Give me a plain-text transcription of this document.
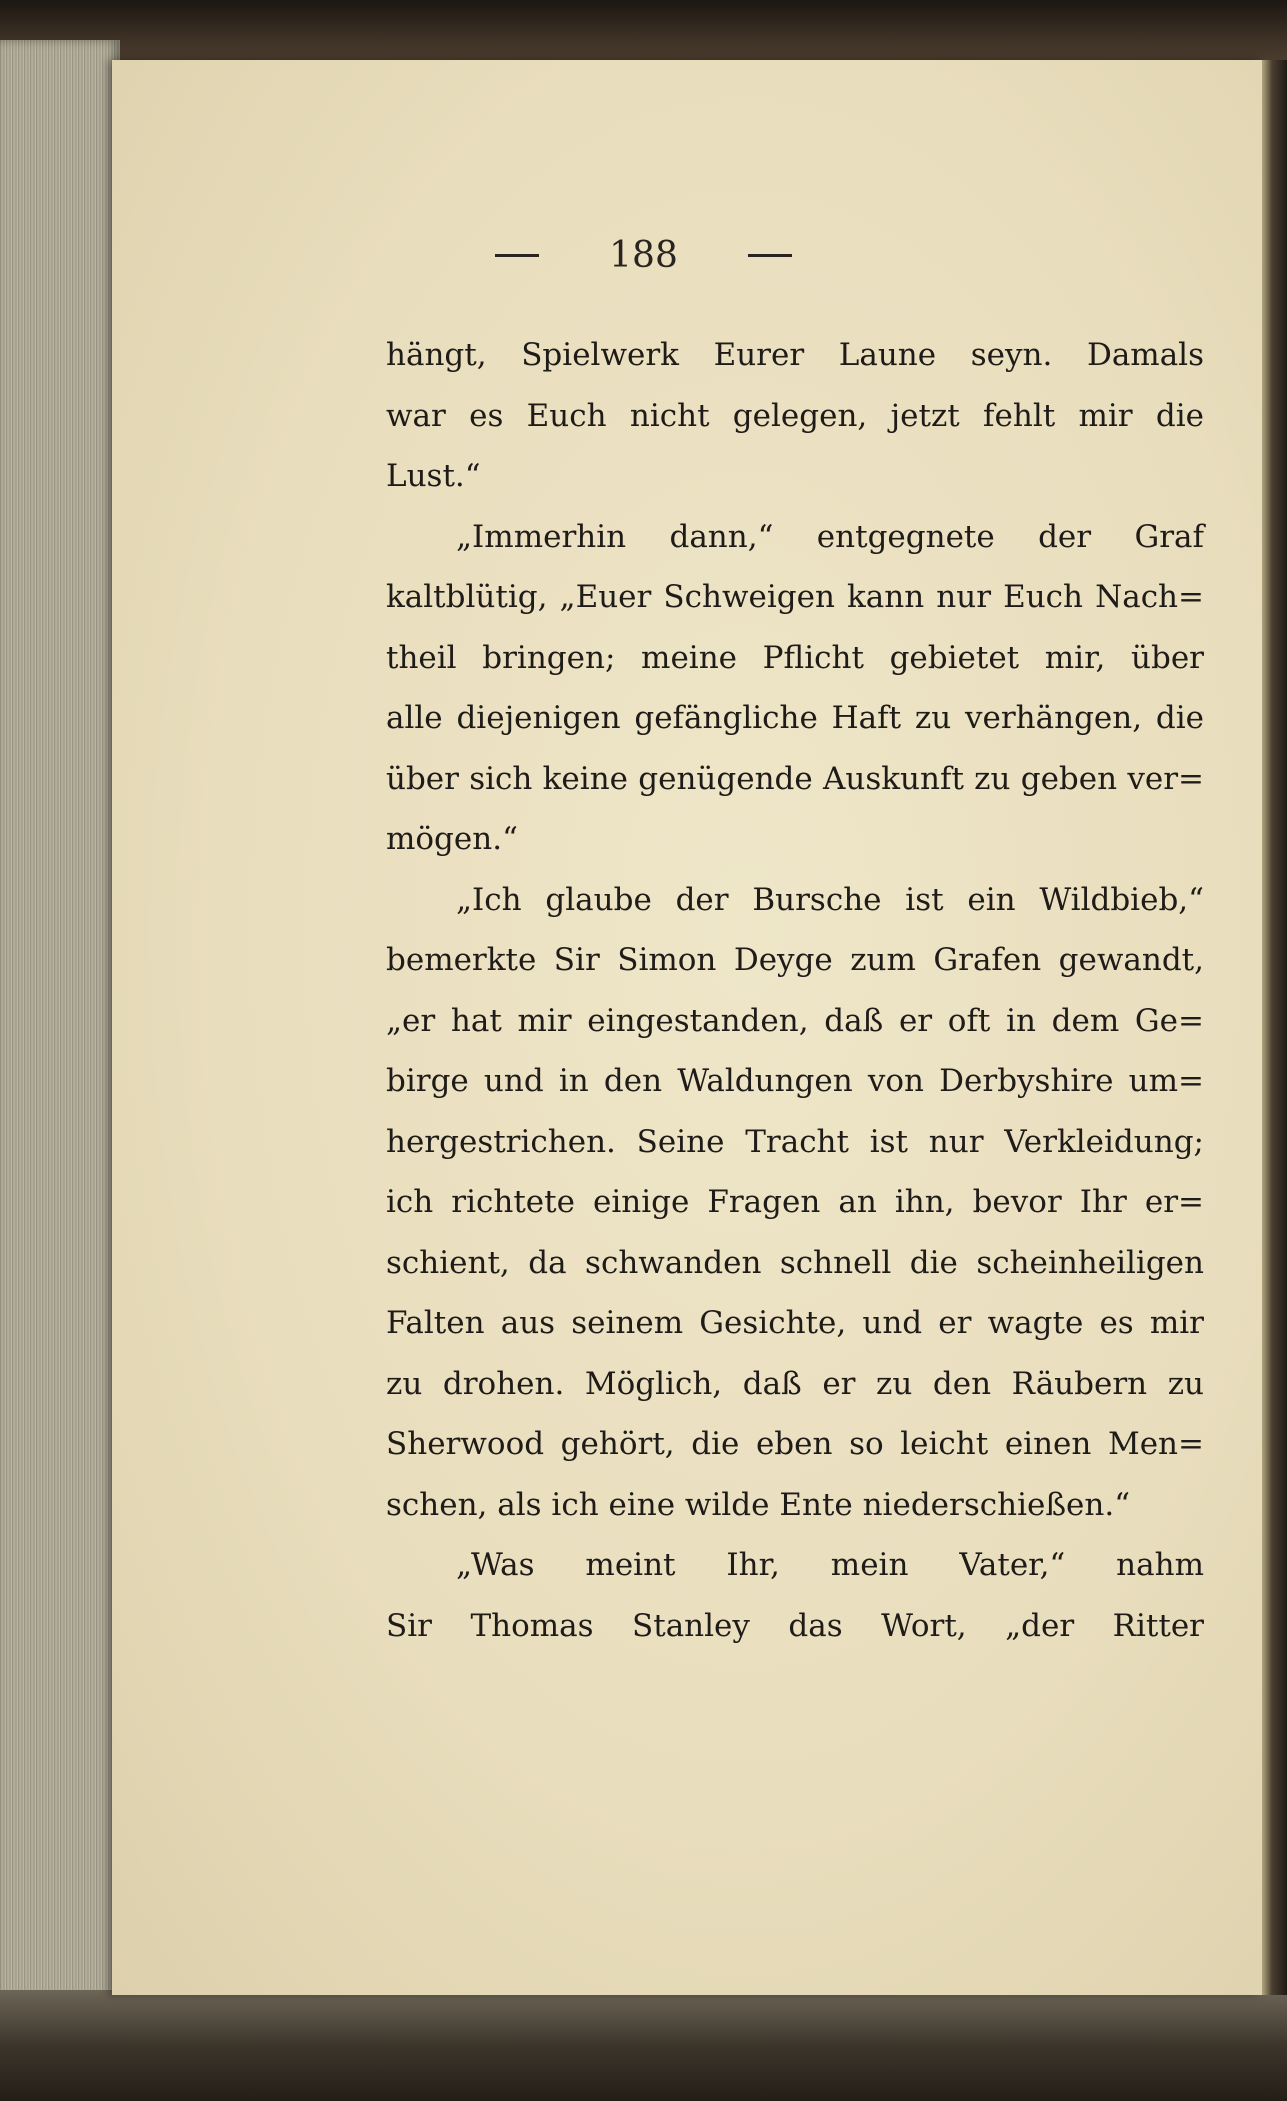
188
hängt, Spielwerk Eurer Laune seyn. Damals
war es Euch nicht gelegen, jetzt fehlt mir die
Lust.“
„Immerhin dann,“ entgegnete der Graf
kaltblütig, „Euer Schweigen kann nur Euch Nach=
theil bringen; meine Pflicht gebietet mir, über
alle diejenigen gefängliche Haft zu verhängen, die
über sich keine genügende Auskunft zu geben ver=
mögen.“
„Ich glaube der Bursche ist ein Wildbieb,“
bemerkte Sir Simon Deyge zum Grafen gewandt,
„er hat mir eingestanden, daß er oft in dem Ge=
birge und in den Waldungen von Derbyshire um=
hergestrichen. Seine Tracht ist nur Verkleidung;
ich richtete einige Fragen an ihn, bevor Ihr er=
schient, da schwanden schnell die scheinheiligen
Falten aus seinem Gesichte, und er wagte es mir
zu drohen. Möglich, daß er zu den Räubern zu
Sherwood gehört, die eben so leicht einen Men=
schen, als ich eine wilde Ente niederschießen.“
„Was meint Ihr, mein Vater,“ nahm
Sir Thomas Stanley das Wort, „der Ritter
